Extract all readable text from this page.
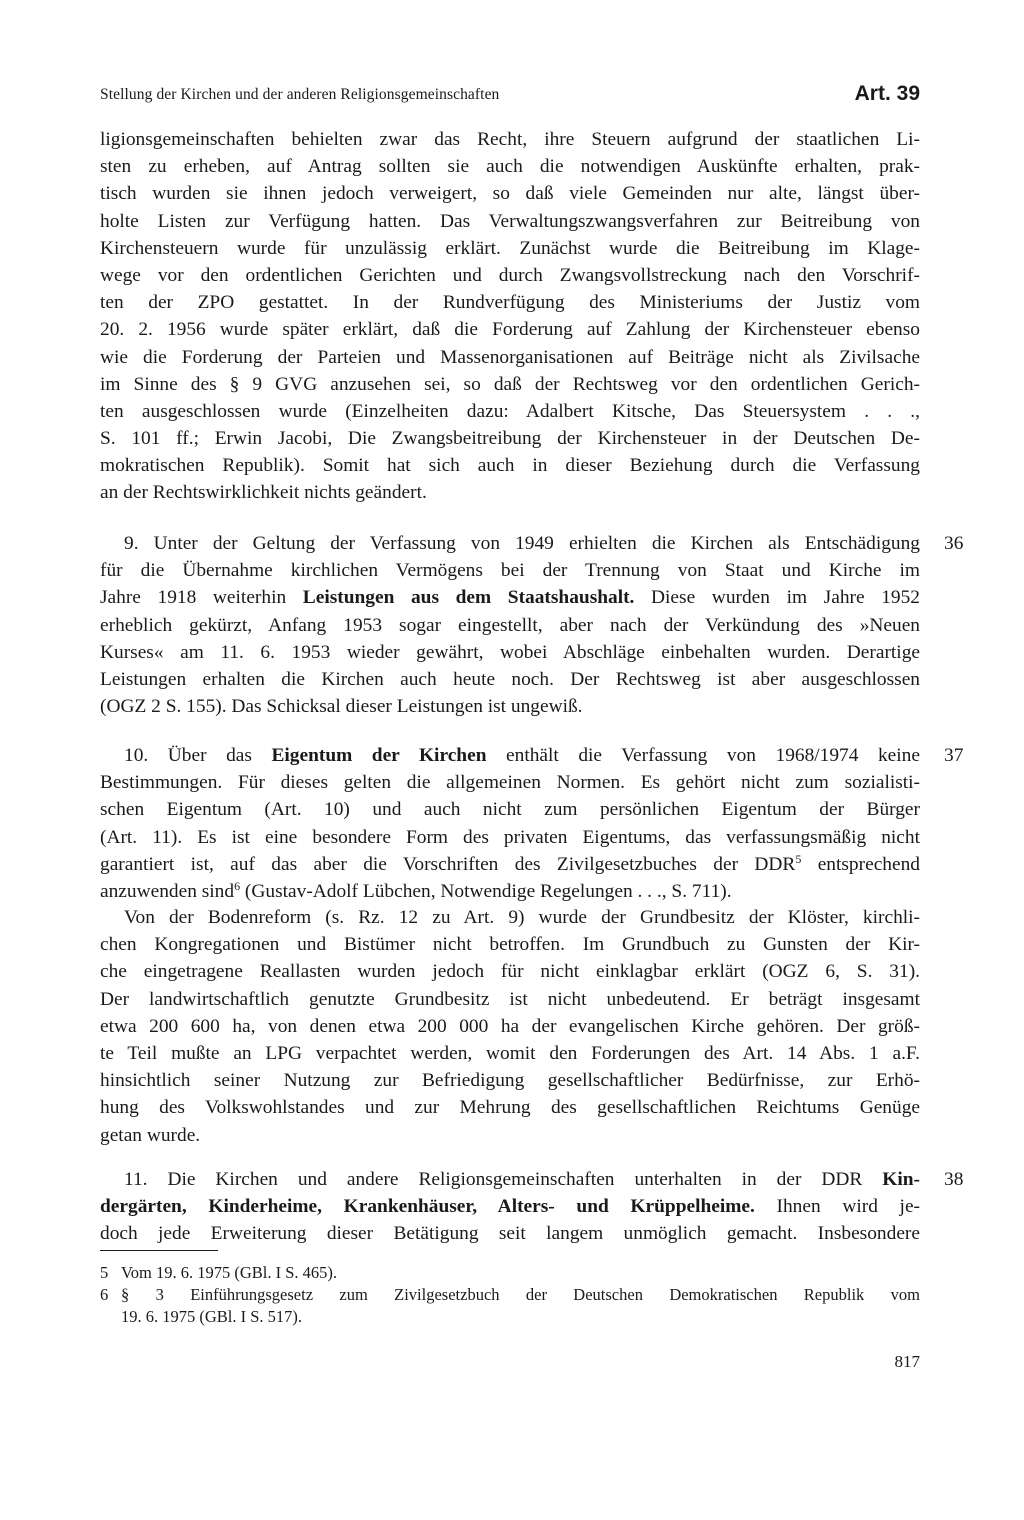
Stellung der Kirchen und der anderen Religionsgemeinschaften	Art. 39
ligionsgemeinschaften behielten zwar das Recht, ihre Steuern aufgrund der staatlichen Li-
sten zu erheben, auf Antrag sollten sie auch die notwendigen Auskünfte erhalten, prak-
tisch wurden sie ihnen jedoch verweigert, so daß viele Gemeinden nur alte, längst über-
holte Listen zur Verfügung hatten. Das Verwaltungszwangsverfahren zur Beitreibung von
Kirchensteuern wurde für unzulässig erklärt. Zunächst wurde die Beitreibung im Klage-
wege vor den ordentlichen Gerichten und durch Zwangsvollstreckung nach den Vorschrif-
ten der ZPO gestattet. In der Rundverfügung des Ministeriums der Justiz vom
20. 2. 1956 wurde später erklärt, daß die Forderung auf Zahlung der Kirchensteuer ebenso
wie die Forderung der Parteien und Massenorganisationen auf Beiträge nicht als Zivilsache
im Sinne des § 9 GVG anzusehen sei, so daß der Rechtsweg vor den ordentlichen Gerich-
ten ausgeschlossen wurde (Einzelheiten dazu: Adalbert Kitsche, Das Steuersystem . . .,
S. 101 ff.; Erwin Jacobi, Die Zwangsbeitreibung der Kirchensteuer in der Deutschen De-
mokratischen Republik). Somit hat sich auch in dieser Beziehung durch die Verfassung
an der Rechtswirklichkeit nichts geändert.
36
9. Unter der Geltung der Verfassung von 1949 erhielten die Kirchen als Entschädigung
für die Übernahme kirchlichen Vermögens bei der Trennung von Staat und Kirche im
Jahre 1918 weiterhin Leistungen aus dem Staatshaushalt. Diese wurden im Jahre 1952
erheblich gekürzt, Anfang 1953 sogar eingestellt, aber nach der Verkündung des »Neuen
Kurses« am 11. 6. 1953 wieder gewährt, wobei Abschläge einbehalten wurden. Derartige
Leistungen erhalten die Kirchen auch heute noch. Der Rechtsweg ist aber ausgeschlossen
(OGZ 2 S. 155). Das Schicksal dieser Leistungen ist ungewiß.
37
10. Über das Eigentum der Kirchen enthält die Verfassung von 1968/1974 keine
Bestimmungen. Für dieses gelten die allgemeinen Normen. Es gehört nicht zum sozialisti-
schen Eigentum (Art. 10) und auch nicht zum persönlichen Eigentum der Bürger
(Art. 11). Es ist eine besondere Form des privaten Eigentums, das verfassungsmäßig nicht
garantiert ist, auf das aber die Vorschriften des Zivilgesetzbuches der DDR$^5$ entsprechend
anzuwenden sind$^6$ (Gustav-Adolf Lübchen, Notwendige Regelungen . . ., S. 711).
Von der Bodenreform (s. Rz. 12 zu Art. 9) wurde der Grundbesitz der Klöster, kirchli-
chen Kongregationen und Bistümer nicht betroffen. Im Grundbuch zu Gunsten der Kir-
che eingetragene Reallasten wurden jedoch für nicht einklagbar erklärt (OGZ 6, S. 31).
Der landwirtschaftlich genutzte Grundbesitz ist nicht unbedeutend. Er beträgt insgesamt
etwa 200 600 ha, von denen etwa 200 000 ha der evangelischen Kirche gehören. Der größ-
te Teil mußte an LPG verpachtet werden, womit den Forderungen des Art. 14 Abs. 1 a.F.
hinsichtlich seiner Nutzung zur Befriedigung gesellschaftlicher Bedürfnisse, zur Erhö-
hung des Volkswohlstandes und zur Mehrung des gesellschaftlichen Reichtums Genüge
getan wurde.
38
11. Die Kirchen und andere Religionsgemeinschaften unterhalten in der DDR Kin-
dergärten, Kinderheime, Krankenhäuser, Alters- und Krüppelheime. Ihnen wird je-
doch jede Erweiterung dieser Betätigung seit langem unmöglich gemacht. Insbesondere
5 Vom 19. 6. 1975 (GBl. I S. 465).
6 § 3 Einführungsgesetz zum Zivilgesetzbuch der Deutschen Demokratischen Republik vom
19. 6. 1975 (GBl. I S. 517).
817
